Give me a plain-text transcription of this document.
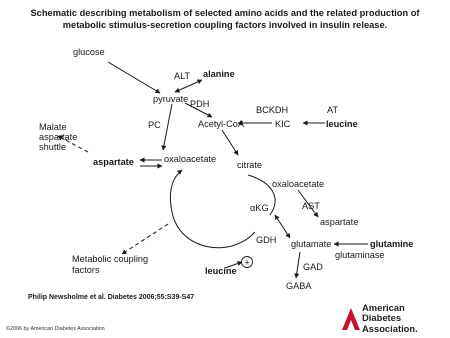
Schematic describing metabolism of selected amino acids and the related production of metabolic stimulus-secretion coupling factors involved in insulin release.
+
glucose
ALT alanine
pyruvate PDH
BCKDH	AT
PC	Acetyl-CoA	KIC	leucine
Malate
aspartate
shuttle
aspartate	oxaloacetate
citrate
oxaloacetate
αKG	AST
aspartate
GDH glutamate	glutamine
glutaminase
Metabolic coupling
factors	leucine	GAD
GABA
Philip Newsholme et al. Diabetes 2006;55:S39-S47
©2006 by American Diabetes Association
American
Diabetes
Association.
